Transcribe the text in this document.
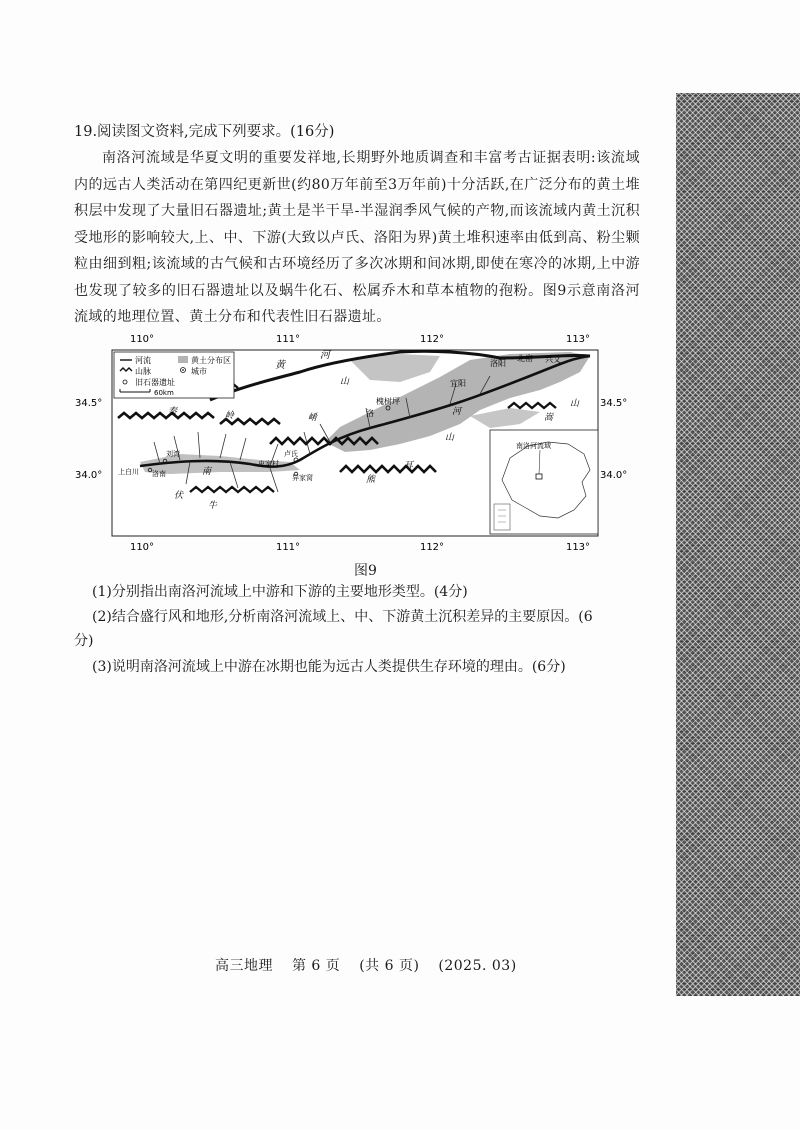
19.阅读图文资料,完成下列要求。(16分)
南洛河流域是华夏文明的重要发祥地,长期野外地质调查和丰富考古证据表明:该流域内的远古人类活动在第四纪更新世(约80万年前至3万年前)十分活跃,在广泛分布的黄土堆积层中发现了大量旧石器遗址;黄土是半干旱-半湿润季风气候的产物,而该流域内黄土沉积受地形的影响较大,上、中、下游(大致以卢氏、洛阳为界)黄土堆积速率由低到高、粉尘颗粒由细到粗;该流域的古气候和古环境经历了多次冰期和间冰期,即使在寒冷的冰期,上中游也发现了较多的旧石器遗址以及蜗牛化石、松属乔木和草本植物的孢粉。图9示意南洛河流域的地理位置、黄土分布和代表性旧石器遗址。
110°	111°	112°	113°
110°	111°	112°	113°
34.5°
34.0°
34.5°
34.0°
河流
山脉
黄土分布区
城市
旧石器遗址
60km
黄
河
洛阳
北窑 兴文
宜阳
槐树坪
洛	河
山
嵩
山
山
秦	岭	崤
熊
耳
南
伏
牛
刘湾
上白川 洛南
卢氏
史家村
异家窝
南洛河流域
图9
(1)分别指出南洛河流域上中游和下游的主要地形类型。(4分)
(2)结合盛行风和地形,分析南洛河流域上、中、下游黄土沉积差异的主要原因。(6
分)
(3)说明南洛河流域上中游在冰期也能为远古人类提供生存环境的理由。(6分)
高三地理 第 6 页 (共 6 页) (2025. 03)
